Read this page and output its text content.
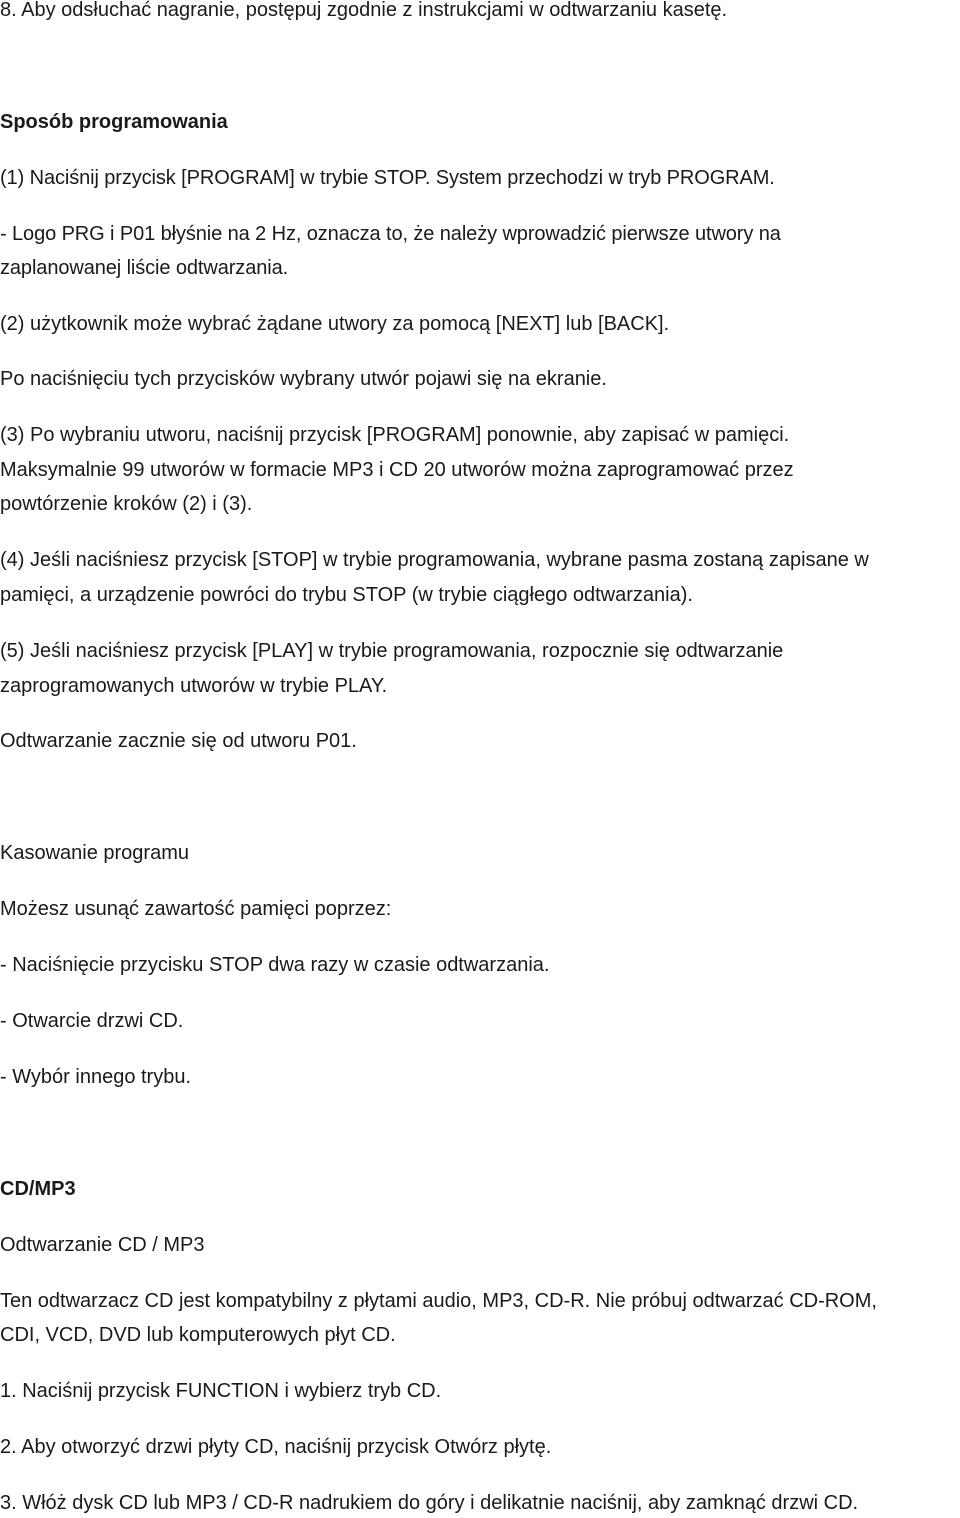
8. Aby odsłuchać nagranie, postępuj zgodnie z instrukcjami w odtwarzaniu kasetę.
Sposób programowania
(1) Naciśnij przycisk [PROGRAM] w trybie STOP. System przechodzi w tryb PROGRAM.
- Logo PRG i P01 błyśnie na 2 Hz, oznacza to, że należy wprowadzić pierwsze utwory na
zaplanowanej liście odtwarzania.
(2) użytkownik może wybrać żądane utwory za pomocą [NEXT] lub [BACK].
Po naciśnięciu tych przycisków wybrany utwór pojawi się na ekranie.
(3) Po wybraniu utworu, naciśnij przycisk [PROGRAM] ponownie, aby zapisać w pamięci.
Maksymalnie 99 utworów w formacie MP3 i CD 20 utworów można zaprogramować przez
powtórzenie kroków (2) i (3).
(4) Jeśli naciśniesz przycisk [STOP] w trybie programowania, wybrane pasma zostaną zapisane w
pamięci, a urządzenie powróci do trybu STOP (w trybie ciągłego odtwarzania).
(5) Jeśli naciśniesz przycisk [PLAY] w trybie programowania, rozpocznie się odtwarzanie
zaprogramowanych utworów w trybie PLAY.
Odtwarzanie zacznie się od utworu P01.
Kasowanie programu
Możesz usunąć zawartość pamięci poprzez:
- Naciśnięcie przycisku STOP dwa razy w czasie odtwarzania.
- Otwarcie drzwi CD.
- Wybór innego trybu.
CD/MP3
Odtwarzanie CD / MP3
Ten odtwarzacz CD jest kompatybilny z płytami audio, MP3, CD-R. Nie próbuj odtwarzać CD-ROM,
CDI, VCD, DVD lub komputerowych płyt CD.
1. Naciśnij przycisk FUNCTION i wybierz tryb CD.
2. Aby otworzyć drzwi płyty CD, naciśnij przycisk Otwórz płytę.
3. Włóż dysk CD lub MP3 / CD-R nadrukiem do góry i delikatnie naciśnij, aby zamknąć drzwi CD.
